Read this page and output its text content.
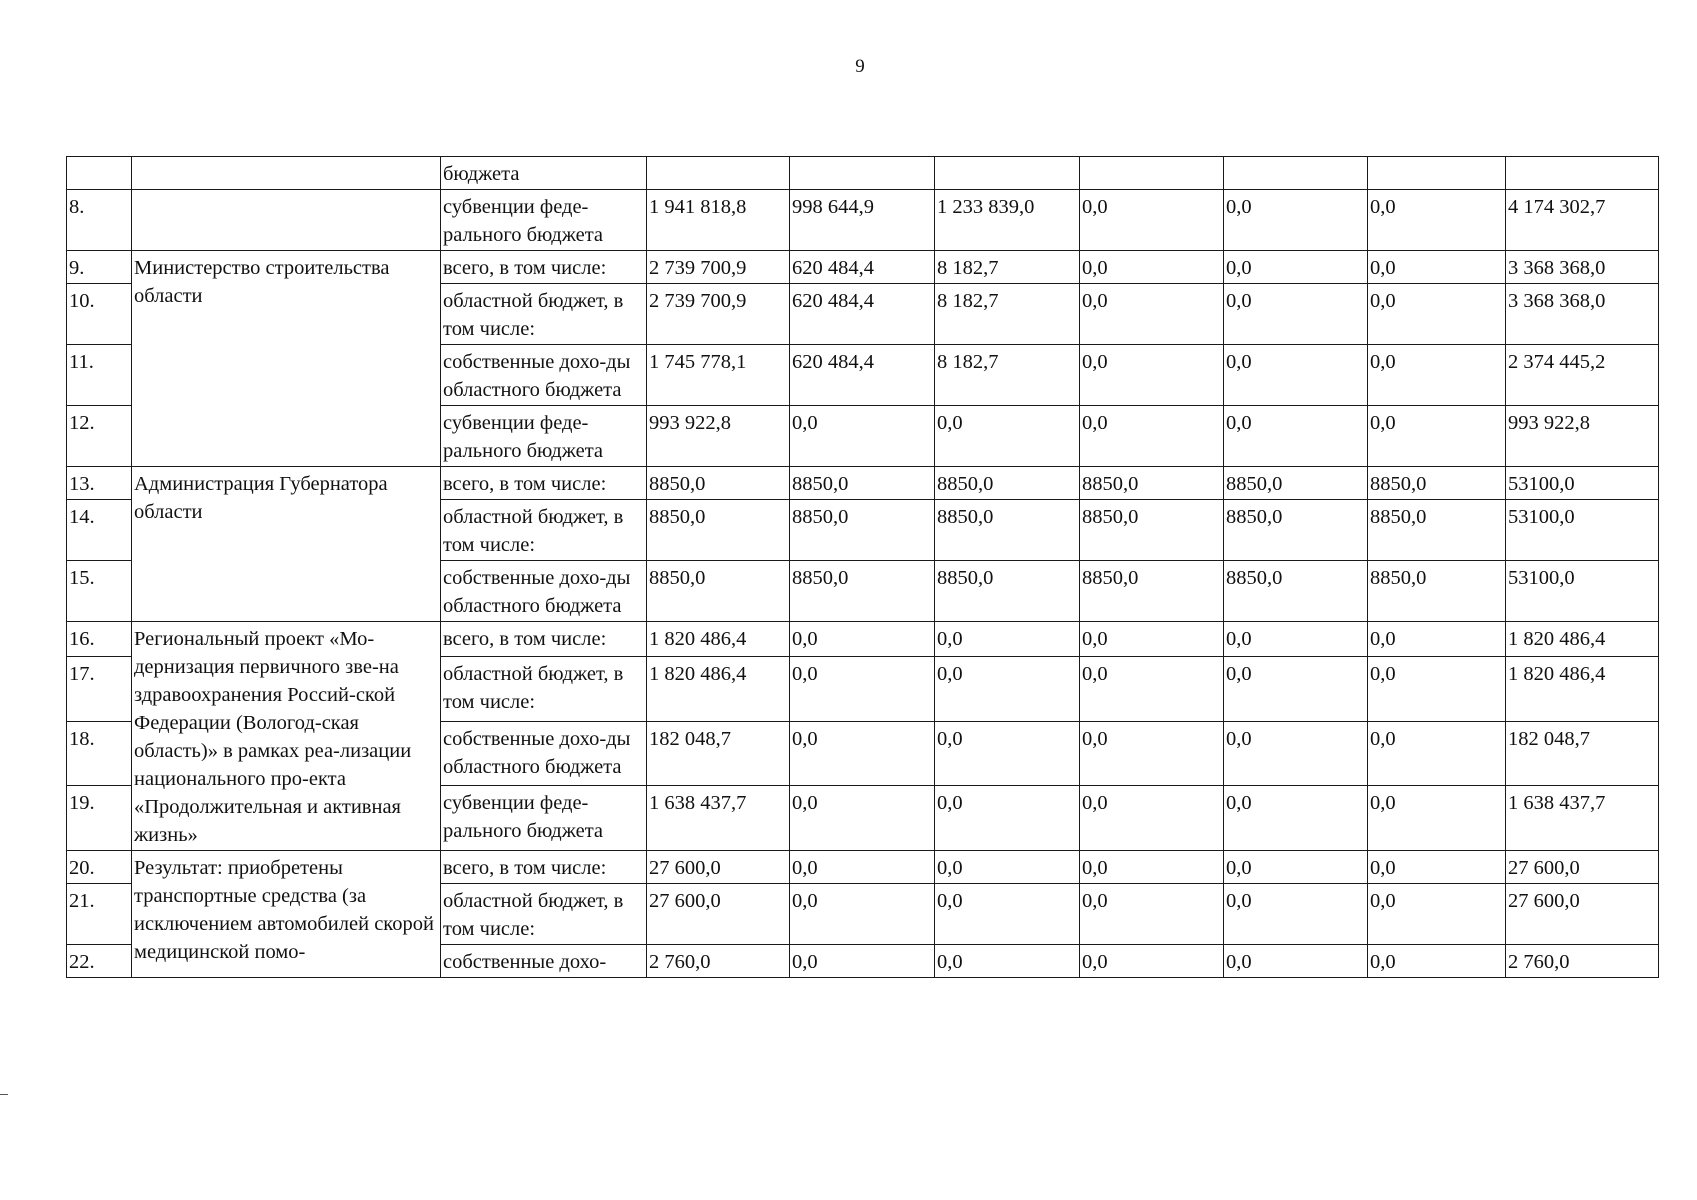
9
		бюджета							
8.		субвенции феде-рального бюджета	1 941 818,8	998 644,9	1 233 839,0	0,0	0,0	0,0	4 174 302,7
9.	Министерство строительства области	всего, в том числе:	2 739 700,9	620 484,4	8 182,7	0,0	0,0	0,0	3 368 368,0
10.		областной бюджет, в том числе:	2 739 700,9	620 484,4	8 182,7	0,0	0,0	0,0	3 368 368,0
11.		собственные дохо-ды областного бюджета	1 745 778,1	620 484,4	8 182,7	0,0	0,0	0,0	2 374 445,2
12.		субвенции феде-рального бюджета	993 922,8	0,0	0,0	0,0	0,0	0,0	993 922,8
13.	Администрация Губернатора области	всего, в том числе:	8850,0	8850,0	8850,0	8850,0	8850,0	8850,0	53100,0
14.		областной бюджет, в том числе:	8850,0	8850,0	8850,0	8850,0	8850,0	8850,0	53100,0
15.		собственные дохо-ды областного бюджета	8850,0	8850,0	8850,0	8850,0	8850,0	8850,0	53100,0
16.	Региональный проект «Мо-дернизация первичного зве-на здравоохранения Россий-ской Федерации (Вологод-ская область)» в рамках реа-лизации национального про-екта «Продолжительная и активная жизнь»	всего, в том числе:	1 820 486,4	0,0	0,0	0,0	0,0	0,0	1 820 486,4
17.		областной бюджет, в том числе:	1 820 486,4	0,0	0,0	0,0	0,0	0,0	1 820 486,4
18.		собственные дохо-ды областного бюджета	182 048,7	0,0	0,0	0,0	0,0	0,0	182 048,7
19.		субвенции феде-рального бюджета	1 638 437,7	0,0	0,0	0,0	0,0	0,0	1 638 437,7
20.	Результат: приобретены транспортные средства (за исключением автомобилей скорой медицинской помо-	всего, в том числе:	27 600,0	0,0	0,0	0,0	0,0	0,0	27 600,0
21.		областной бюджет, в том числе:	27 600,0	0,0	0,0	0,0	0,0	0,0	27 600,0
22.		собственные дохо-	2 760,0	0,0	0,0	0,0	0,0	0,0	2 760,0
